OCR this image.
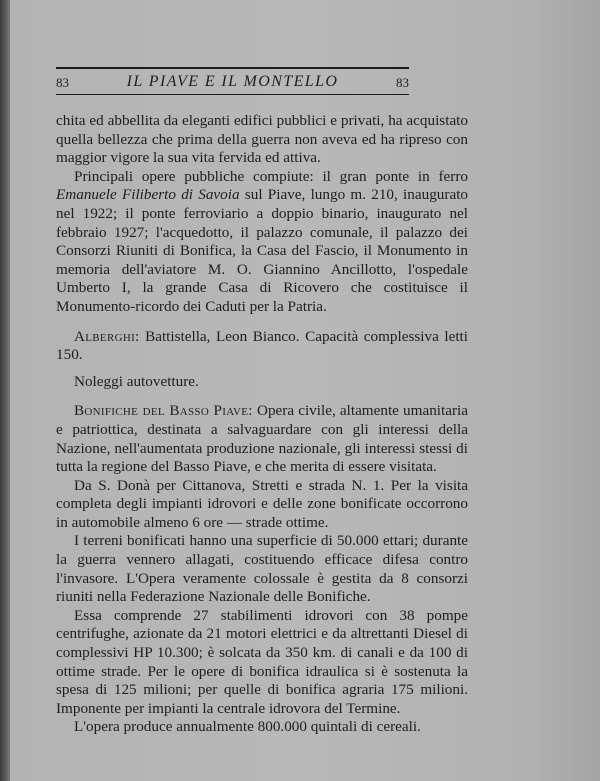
83	IL PIAVE E IL MONTELLO	83

chita ed abbellita da eleganti edifici pubblici e privati, ha acquistato quella bellezza che prima della guerra non aveva ed ha ripreso con maggior vigore la sua vita fervida ed attiva.

Principali opere pubbliche compiute: il gran ponte in ferro Emanuele Filiberto di Savoia sul Piave, lungo m. 210, inaugurato nel 1922; il ponte ferroviario a doppio binario, inaugurato nel febbraio 1927; l'acquedotto, il palazzo comunale, il palazzo dei Consorzi Riuniti di Bonifica, la Casa del Fascio, il Monumento in memoria dell'aviatore M. O. Giannino Ancillotto, l'ospedale Umberto I, la grande Casa di Ricovero che costituisce il Monumento-ricordo dei Caduti per la Patria.

Alberghi: Battistella, Leon Bianco. Capacità complessiva letti 150.

Noleggi autovetture.

Bonifiche del Basso Piave: Opera civile, altamente umanitaria e patriottica, destinata a salvaguardare con gli interessi della Nazione, nell'aumentata produzione nazionale, gli interessi stessi di tutta la regione del Basso Piave, e che merita di essere visitata.

Da S. Donà per Cittanova, Stretti e strada N. 1. Per la visita completa degli impianti idrovori e delle zone bonificate occorrono in automobile almeno 6 ore — strade ottime.

I terreni bonificati hanno una superficie di 50.000 ettari; durante la guerra vennero allagati, costituendo efficace difesa contro l'invasore. L'Opera veramente colossale è gestita da 8 consorzi riuniti nella Federazione Nazionale delle Bonifiche.

Essa comprende 27 stabilimenti idrovori con 38 pompe centrifughe, azionate da 21 motori elettrici e da altrettanti Diesel di complessivi HP 10.300; è solcata da 350 km. di canali e da 100 di ottime strade. Per le opere di bonifica idraulica si è sostenuta la spesa di 125 milioni; per quelle di bonifica agraria 175 milioni. Imponente per impianti la centrale idrovora del Termine.

L'opera produce annualmente 800.000 quintali di cereali.
